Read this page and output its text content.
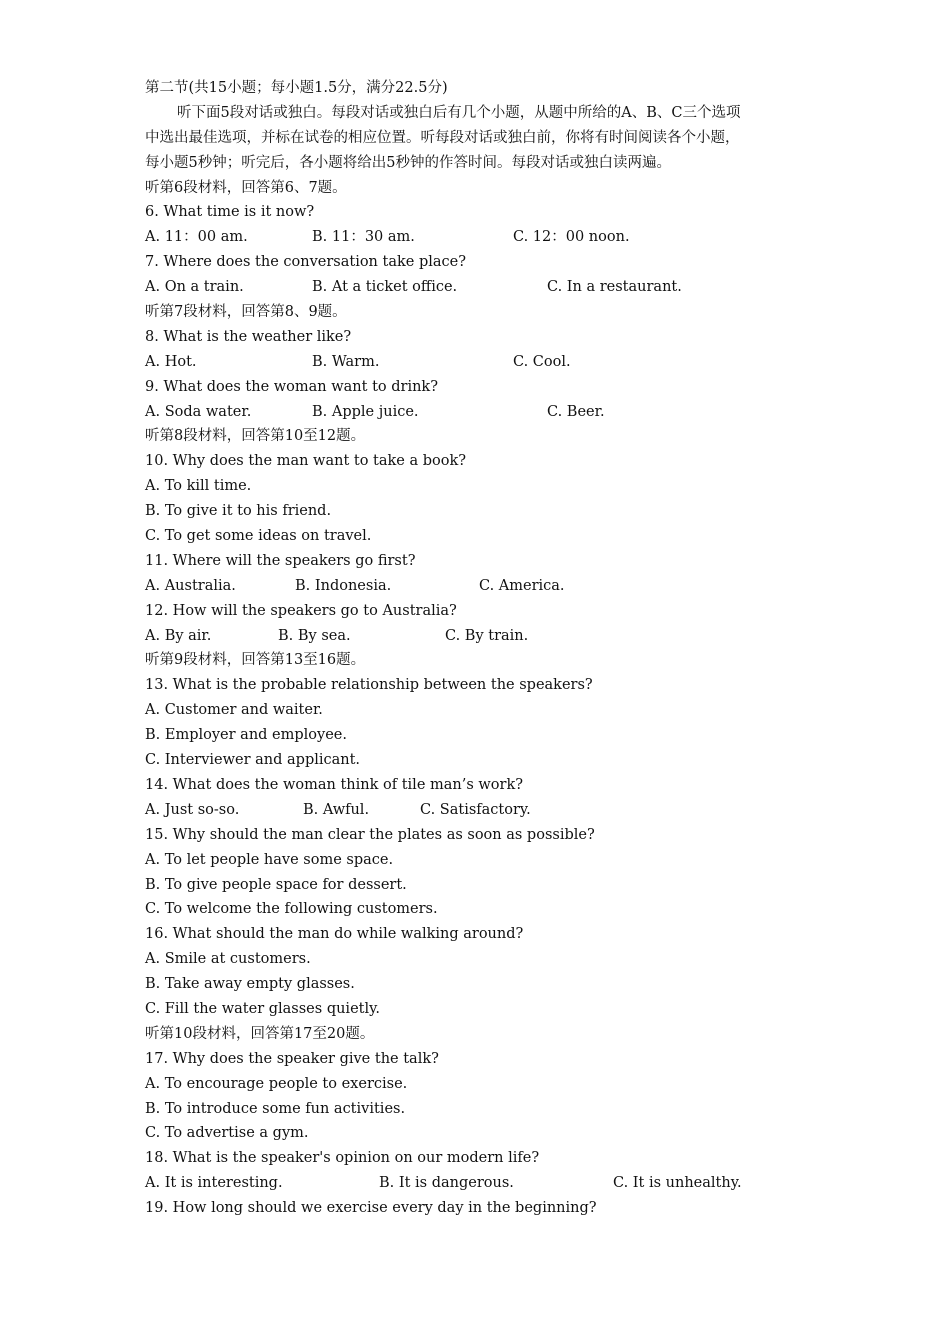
第二节(共15小题；每小题1.5分，满分22.5分)
听下面5段对话或独白。每段对话或独白后有几个小题，从题中所给的A、B、C三个选项
中选出最佳选项，并标在试卷的相应位置。听每段对话或独白前，你将有时间阅读各个小题，
每小题5秒钟；听完后，各小题将给出5秒钟的作答时间。每段对话或独白读两遍。
听第6段材料，回答第6、7题。
6. What time is it now?
A. 11：00 am.	B. 11：30 am.	C. 12：00 noon.
7. Where does the conversation take place?
A. On a train.	B. At a ticket office.	C. In a restaurant.
听第7段材料，回答第8、9题。
8. What is the weather like?
A. Hot.	B. Warm.	C. Cool.
9. What does the woman want to drink?
A. Soda water.	B. Apple juice.	C. Beer.
听第8段材料，回答第10至12题。
10. Why does the man want to take a book?
A. To kill time.
B. To give it to his friend.
C. To get some ideas on travel.
11. Where will the speakers go first?
A. Australia.	B. Indonesia.	C. America.
12. How will the speakers go to Australia?
A. By air.	B. By sea.	C. By train.
听第9段材料，回答第13至16题。
13. What is the probable relationship between the speakers?
A. Customer and waiter.
B. Employer and employee.
C. Interviewer and applicant.
14. What does the woman think of tile man’s work?
A. Just so-so.	B. Awful.	C. Satisfactory.
15. Why should the man clear the plates as soon as possible?
A. To let people have some space.
B. To give people space for dessert.
C. To welcome the following customers.
16. What should the man do while walking around?
A. Smile at customers.
B. Take away empty glasses.
C. Fill the water glasses quietly.
听第10段材料，回答第17至20题。
17. Why does the speaker give the talk?
A. To encourage people to exercise.
B. To introduce some fun activities.
C. To advertise a gym.
18. What is the speaker's opinion on our modern life?
A. It is interesting.	B. It is dangerous.	C. It is unhealthy.
19. How long should we exercise every day in the beginning?
